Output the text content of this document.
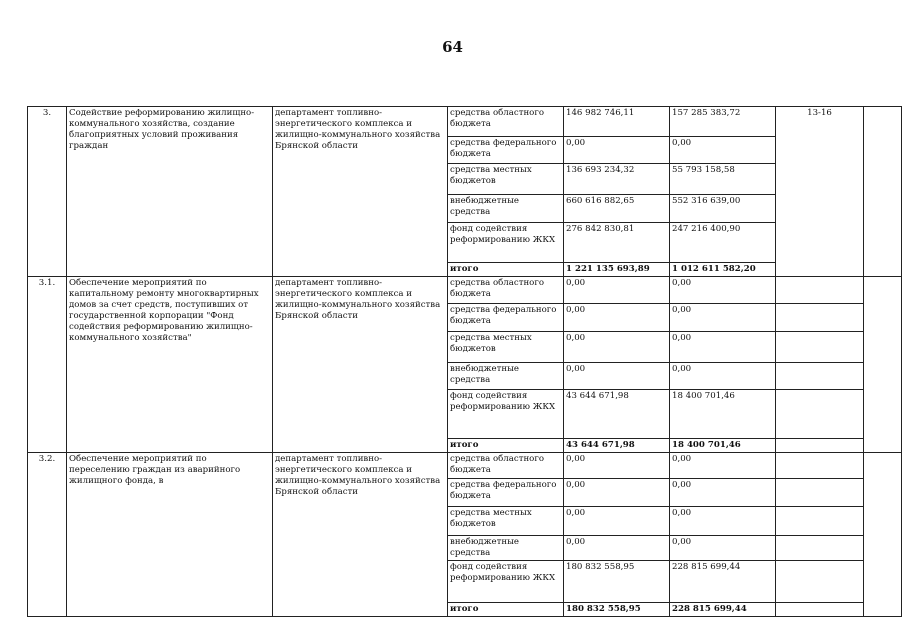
64
3.	Содействие реформированию жилищно-коммунального хозяйства, создание благоприятных условий проживания граждан	департамент топливно-энергетического комплекса и жилищно-коммунального хозяйства Брянской области	средства областного бюджета	146 982 746,11	157 285 383,72	13-16	
			средства федерального бюджета	0,00	0,00		
			средства местных бюджетов	136 693 234,32	55 793 158,58		
			внебюджетные средства	660 616 882,65	552 316 639,00		
			фонд содействия реформированию ЖКХ	276 842 830,81	247 216 400,90		
			итого	1 221 135 693,89	1 012 611 582,20		
3.1.	Обеспечение мероприятий по капитальному ремонту многоквартирных домов за счет средств, поступивших от государственной корпорации "Фонд содействия реформированию жилищно-коммунального хозяйства"	департамент топливно-энергетического комплекса и жилищно-коммунального хозяйства Брянской области	средства областного бюджета	0,00	0,00		
			средства федерального бюджета	0,00	0,00		
			средства местных бюджетов	0,00	0,00		
			внебюджетные средства	0,00	0,00		
			фонд содействия реформированию ЖКХ	43 644 671,98	18 400 701,46		
			итого	43 644 671,98	18 400 701,46		
3.2.	Обеспечение мероприятий по переселению граждан из аварийного жилищного фонда, в	департамент топливно-энергетического комплекса и жилищно-коммунального хозяйства Брянской области	средства областного бюджета	0,00	0,00		
			средства федерального бюджета	0,00	0,00		
			средства местных бюджетов	0,00	0,00		
			внебюджетные средства	0,00	0,00		
			фонд содействия реформированию ЖКХ	180 832 558,95	228 815 699,44		
			итого	180 832 558,95	228 815 699,44		
